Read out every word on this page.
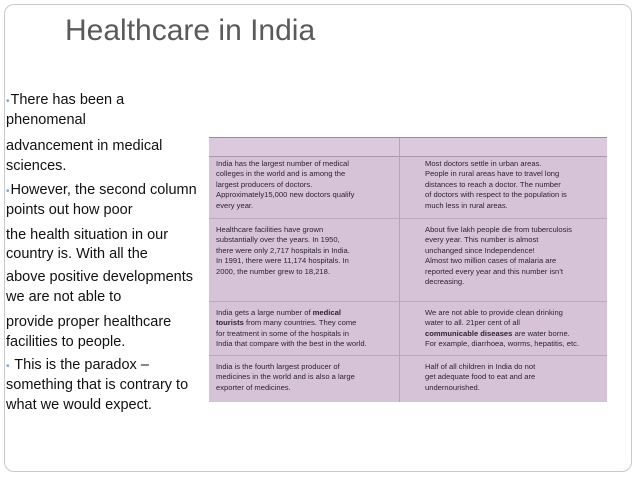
Healthcare in India
•There has been a
phenomenal
advancement in medical
sciences.
•However, the second column
points out how poor
the health situation in our
country is. With all the
above positive developments
we are not able to
provide proper healthcare
facilities to people.
• This is the paradox –
something that is contrary to
what we would expect.
India has the largest number of medical
colleges in the world and is among the
largest producers of doctors.
Approximately15,000 new doctors qualify
every year.
Most doctors settle in urban areas.
People in rural areas have to travel long
distances to reach a doctor. The number
of doctors with respect to the population is
much less in rural areas.
Healthcare facilities have grown
substantially over the years. In 1950,
there were only 2,717 hospitals in India.
In 1991, there were 11,174 hospitals. In
2000, the number grew to 18,218.
About five lakh people die from tuberculosis
every year. This number is almost
unchanged since Independence!
Almost two million cases of malaria are
reported every year and this number isn’t
decreasing.
India gets a large number of medical
tourists from many countries. They come
for treatment in some of the hospitals in
India that compare with the best in the world.
We are not able to provide clean drinking
water to all. 21per cent of all
communicable diseases are water borne.
For example, diarrhoea, worms, hepatitis, etc.
India is the fourth largest producer of
medicines in the world and is also a large
exporter of medicines.
Half of all children in India do not
get adequate food to eat and are
undernourished.
